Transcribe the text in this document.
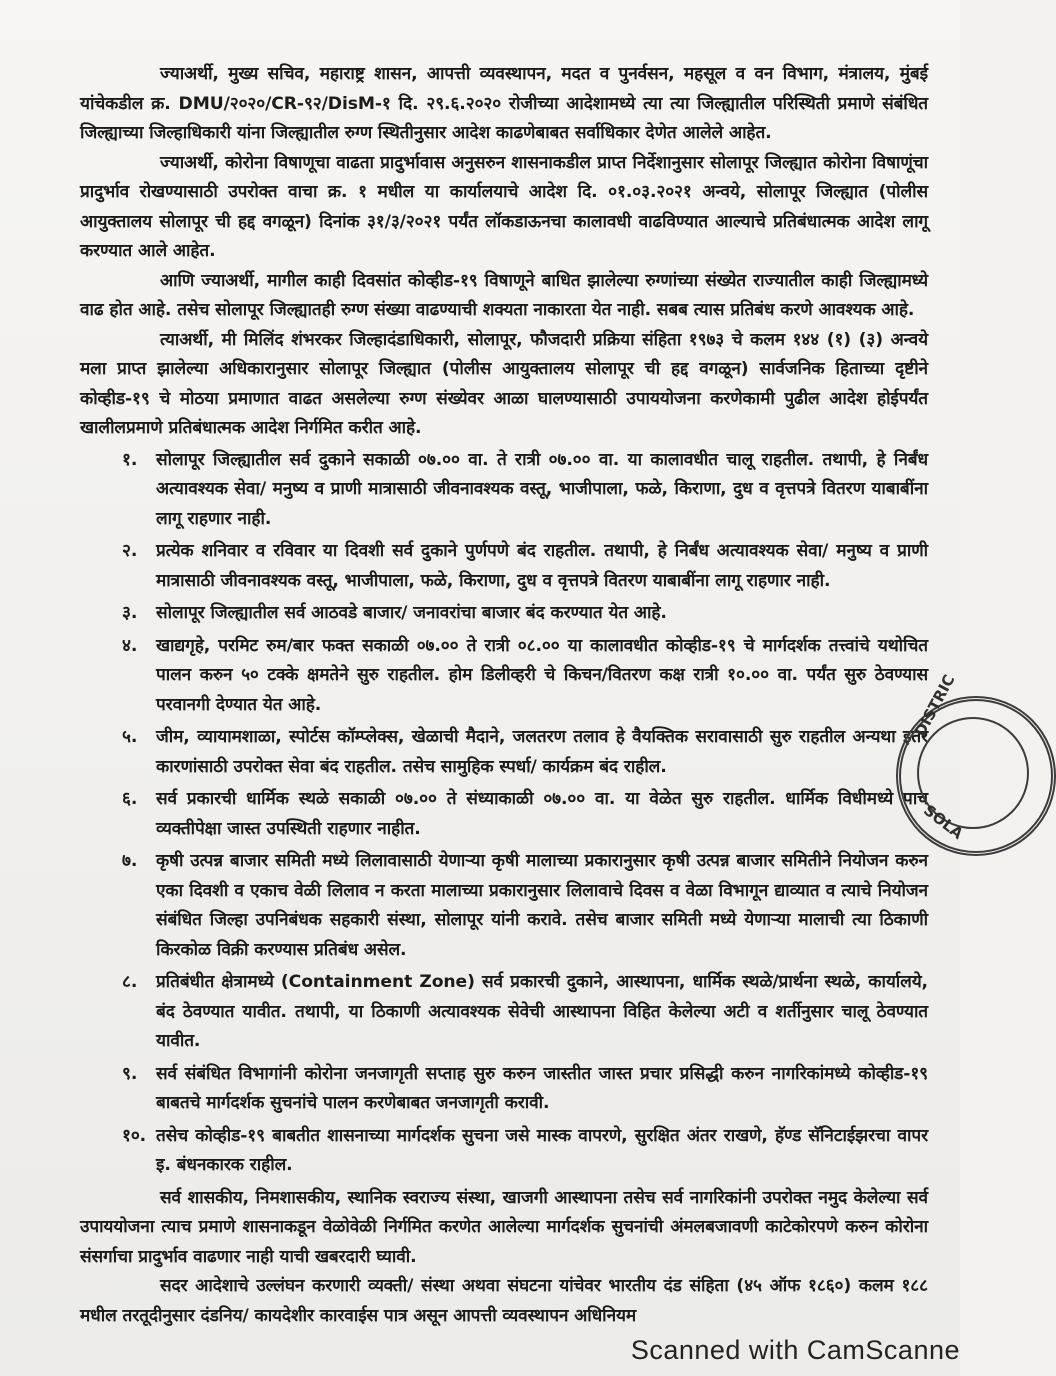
ज्याअर्थी, मुख्य सचिव, महाराष्ट्र शासन, आपत्ती व्यवस्थापन, मदत व पुनर्वसन, महसूल व वन विभाग, मंत्रालय, मुंबई यांचेकडील क्र. DMU/२०२०/CR-९२/DisM-१ दि. २९.६.२०२० रोजीच्या आदेशामध्ये त्या त्या जिल्ह्यातील परिस्थिती प्रमाणे संबंधित जिल्ह्याच्या जिल्हाधिकारी यांना जिल्ह्यातील रुग्ण स्थितीनुसार आदेश काढणेबाबत सर्वाधिकार देणेत आलेले आहेत.

ज्याअर्थी, कोरोना विषाणूचा वाढता प्रादुर्भावास अनुसरुन शासनाकडील प्राप्त निर्देशानुसार सोलापूर जिल्ह्यात कोरोना विषाणूंचा प्रादुर्भाव रोखण्यासाठी उपरोक्त वाचा क्र. १ मधील या कार्यालयाचे आदेश दि. ०१.०३.२०२१ अन्वये, सोलापूर जिल्ह्यात (पोलीस आयुक्तालय सोलापूर ची हद्द वगळून) दिनांक ३१/३/२०२१ पर्यंत लॉकडाऊनचा कालावधी वाढविण्यात आल्याचे प्रतिबंधात्मक आदेश लागू करण्यात आले आहेत.

आणि ज्याअर्थी, मागील काही दिवसांत कोव्हीड-१९ विषाणूने बाधित झालेल्या रुग्णांच्या संख्येत राज्यातील काही जिल्ह्यामध्ये वाढ होत आहे. तसेच सोलापूर जिल्ह्यातही रुग्ण संख्या वाढण्याची शक्यता नाकारता येत नाही. सबब त्यास प्रतिबंध करणे आवश्यक आहे.

त्याअर्थी, मी मिलिंद शंभरकर जिल्हादंडाधिकारी, सोलापूर, फौजदारी प्रक्रिया संहिता १९७३ चे कलम १४४ (१) (३) अन्वये मला प्राप्त झालेल्या अधिकारानुसार सोलापूर जिल्ह्यात (पोलीस आयुक्तालय सोलापूर ची हद्द वगळून) सार्वजनिक हिताच्या दृष्टीने कोव्हीड-१९ चे मोठया प्रमाणात वाढत असलेल्या रुग्ण संख्येवर आळा घालण्यासाठी उपाययोजना करणेकामी पुढील आदेश होईपर्यंत खालीलप्रमाणे प्रतिबंधात्मक आदेश निर्गमित करीत आहे.

१. सोलापूर जिल्ह्यातील सर्व दुकाने सकाळी ०७.०० वा. ते रात्री ०७.०० वा. या कालावधीत चालू राहतील. तथापी, हे निर्बंध अत्यावश्यक सेवा/ मनुष्य व प्राणी मात्रासाठी जीवनावश्यक वस्तू, भाजीपाला, फळे, किराणा, दुध व वृत्तपत्रे वितरण याबाबींना लागू राहणार नाही.
२. प्रत्येक शनिवार व रविवार या दिवशी सर्व दुकाने पुर्णपणे बंद राहतील. तथापी, हे निर्बंध अत्यावश्यक सेवा/ मनुष्य व प्राणी मात्रासाठी जीवनावश्यक वस्तू, भाजीपाला, फळे, किराणा, दुध व वृत्तपत्रे वितरण याबाबींना लागू राहणार नाही.
३. सोलापूर जिल्ह्यातील सर्व आठवडे बाजार/ जनावरांचा बाजार बंद करण्यात येत आहे.
४. खाद्यगृहे, परमिट रुम/बार फक्त सकाळी ०७.०० ते रात्री ०८.०० या कालावधीत कोव्हीड-१९ चे मार्गदर्शक तत्त्वांचे यथोचित पालन करुन ५० टक्के क्षमतेने सुरु राहतील. होम डिलीव्हरी चे किचन/वितरण कक्ष रात्री १०.०० वा. पर्यंत सुरु ठेवण्यास परवानगी देण्यात येत आहे.
५. जीम, व्यायामशाळा, स्पोर्टस कॉम्प्लेक्स, खेळाची मैदाने, जलतरण तलाव हे वैयक्तिक सरावासाठी सुरु राहतील अन्यथा इतर कारणांसाठी उपरोक्त सेवा बंद राहतील. तसेच सामुहिक स्पर्धा/ कार्यक्रम बंद राहील.
६. सर्व प्रकारची धार्मिक स्थळे सकाळी ०७.०० ते संध्याकाळी ०७.०० वा. या वेळेत सुरु राहतील. धार्मिक विधीमध्ये पाच व्यक्तीपेक्षा जास्त उपस्थिती राहणार नाहीत.
७. कृषी उत्पन्न बाजार समिती मध्ये लिलावासाठी येणाऱ्या कृषी मालाच्या प्रकारानुसार कृषी उत्पन्न बाजार समितीने नियोजन करुन एका दिवशी व एकाच वेळी लिलाव न करता मालाच्या प्रकारानुसार लिलावाचे दिवस व वेळा विभागून द्याव्यात व त्याचे नियोजन संबंधित जिल्हा उपनिबंधक सहकारी संस्था, सोलापूर यांनी करावे. तसेच बाजार समिती मध्ये येणाऱ्या मालाची त्या ठिकाणी किरकोळ विक्री करण्यास प्रतिबंध असेल.
८. प्रतिबंधीत क्षेत्रामध्ये (Containment Zone) सर्व प्रकारची दुकाने, आस्थापना, धार्मिक स्थळे/प्रार्थना स्थळे, कार्यालये, बंद ठेवण्यात यावीत. तथापी, या ठिकाणी अत्यावश्यक सेवेची आस्थापना विहित केलेल्या अटी व शर्तीनुसार चालू ठेवण्यात यावीत.
९. सर्व संबंधित विभागांनी कोरोना जनजागृती सप्ताह सुरु करुन जास्तीत जास्त प्रचार प्रसिद्धी करुन नागरिकांमध्ये कोव्हीड-१९ बाबतचे मार्गदर्शक सुचनांचे पालन करणेबाबत जनजागृती करावी.
१०. तसेच कोव्हीड-१९ बाबतीत शासनाच्या मार्गदर्शक सुचना जसे मास्क वापरणे, सुरक्षित अंतर राखणे, हॅण्ड सॅनिटाईझरचा वापर इ. बंधनकारक राहील.

सर्व शासकीय, निमशासकीय, स्थानिक स्वराज्य संस्था, खाजगी आस्थापना तसेच सर्व नागरिकांनी उपरोक्त नमुद केलेल्या सर्व उपाययोजना त्याच प्रमाणे शासनाकडून वेळोवेळी निर्गमित करणेत आलेल्या मार्गदर्शक सुचनांची अंमलबजावणी काटेकोरपणे करुन कोरोना संसर्गाचा प्रादुर्भाव वाढणार नाही याची खबरदारी घ्यावी.

सदर आदेशाचे उल्लंघन करणारी व्यक्ती/ संस्था अथवा संघटना यांचेवर भारतीय दंड संहिता (४५ ऑफ १८६०) कलम १८८ मधील तरतूदीनुसार दंडनिय/ कायदेशीर कारवाईस पात्र असून आपत्ती व्यवस्थापन अधिनियम

DISTRIC
SOLA
Scanned with CamScanne
